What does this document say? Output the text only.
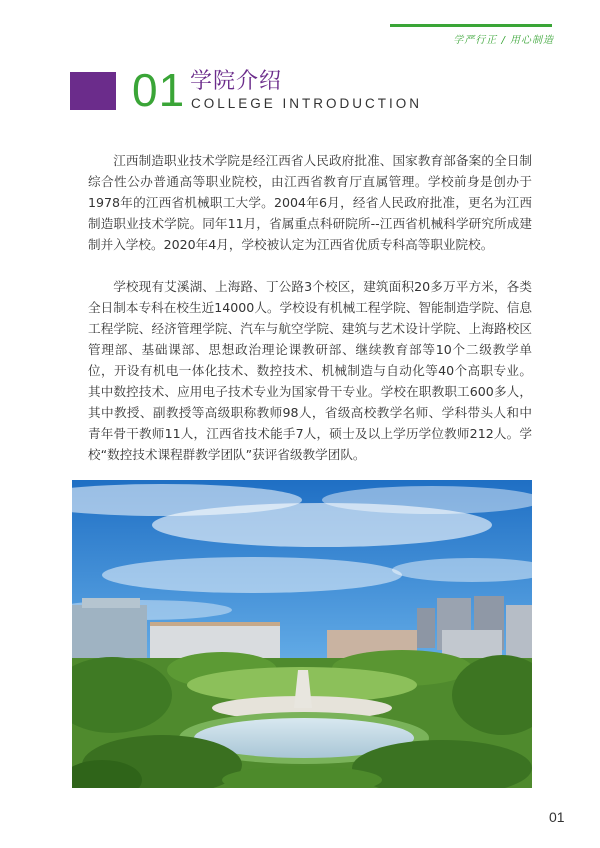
学严行正 / 用心制造
01 学院介绍
COLLEGE INTRODUCTION

江西制造职业技术学院是经江西省人民政府批准、国家教育部备案的全日制综合性公办普通高等职业院校，由江西省教育厅直属管理。学校前身是创办于1978年的江西省机械职工大学。2004年6月，经省人民政府批准，更名为江西制造职业技术学院。同年11月，省属重点科研院所--江西省机械科学研究所成建制并入学校。2020年4月，学校被认定为江西省优质专科高等职业院校。

学校现有艾溪湖、上海路、丁公路3个校区，建筑面积20多万平方米，各类全日制本专科在校生近14000人。学校设有机械工程学院、智能制造学院、信息工程学院、经济管理学院、汽车与航空学院、建筑与艺术设计学院、上海路校区管理部、基础课部、思想政治理论课教研部、继续教育部等10个二级教学单位，开设有机电一体化技术、数控技术、机械制造与自动化等40个高职专业。其中数控技术、应用电子技术专业为国家骨干专业。学校在职教职工600多人，其中教授、副教授等高级职称教师98人，省级高校教学名师、学科带头人和中青年骨干教师11人，江西省技术能手7人，硕士及以上学历学位教师212人。学校“数控技术课程群教学团队”获评省级教学团队。

01
